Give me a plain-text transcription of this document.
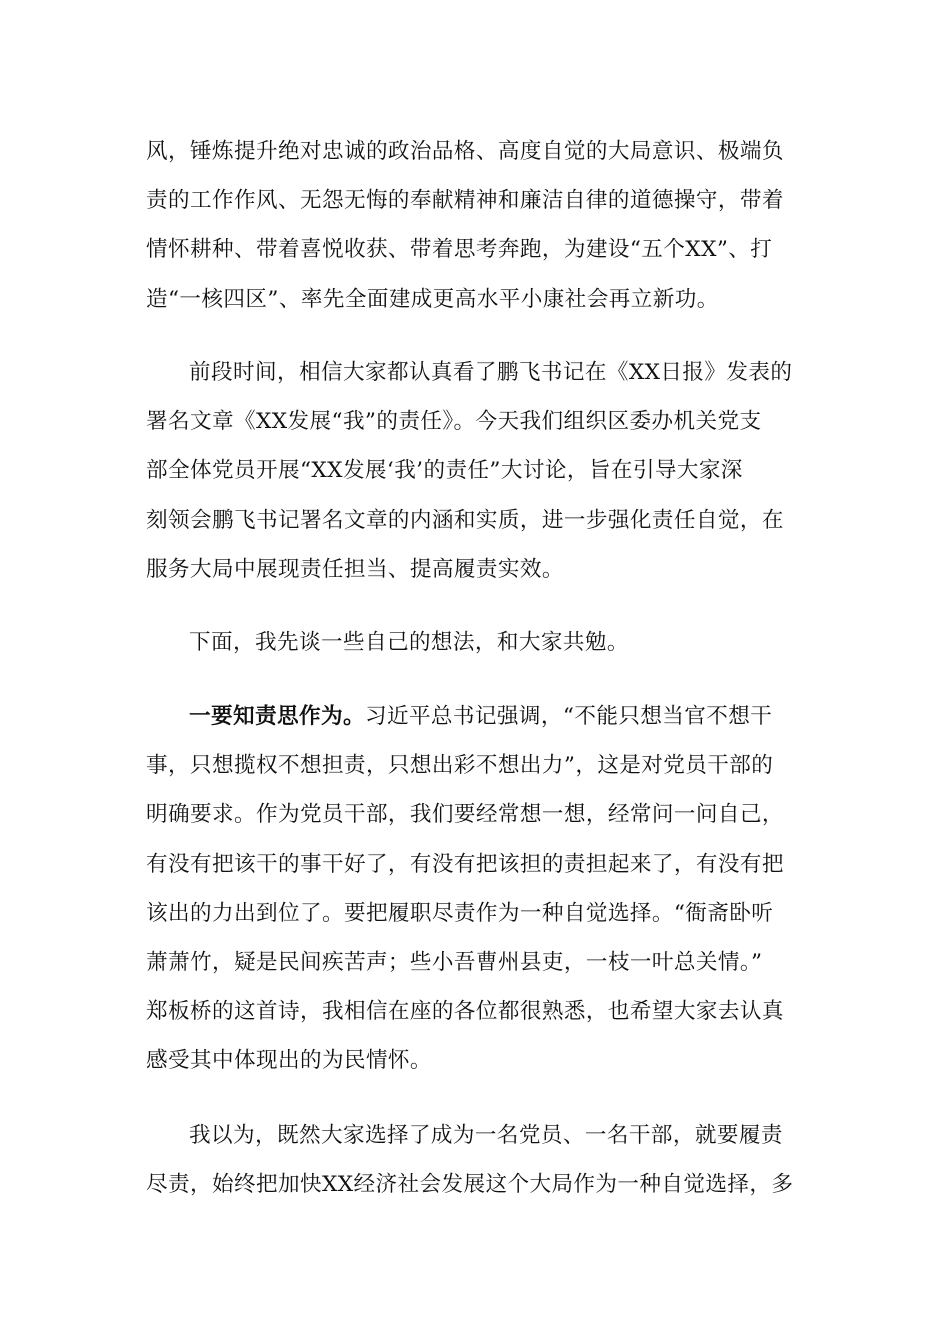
风，锤炼提升绝对忠诚的政治品格、高度自觉的大局意识、极端负
责的工作作风、无怨无悔的奉献精神和廉洁自律的道德操守，带着
情怀耕种、带着喜悦收获、带着思考奔跑，为建设“五个XX”、打
造“一核四区”、率先全面建成更高水平小康社会再立新功。

前段时间，相信大家都认真看了鹏飞书记在《XX日报》发表的
署名文章《XX发展“我”的责任》。今天我们组织区委办机关党支
部全体党员开展“XX发展‘我’的责任”大讨论，旨在引导大家深
刻领会鹏飞书记署名文章的内涵和实质，进一步强化责任自觉，在
服务大局中展现责任担当、提高履责实效。

下面，我先谈一些自己的想法，和大家共勉。

一要知责思作为。习近平总书记强调，“不能只想当官不想干
事，只想揽权不想担责，只想出彩不想出力”，这是对党员干部的
明确要求。作为党员干部，我们要经常想一想，经常问一问自己，
有没有把该干的事干好了，有没有把该担的责担起来了，有没有把
该出的力出到位了。要把履职尽责作为一种自觉选择。“衙斋卧听
萧萧竹，疑是民间疾苦声；些小吾曹州县吏，一枝一叶总关情。”
郑板桥的这首诗，我相信在座的各位都很熟悉，也希望大家去认真
感受其中体现出的为民情怀。

我以为，既然大家选择了成为一名党员、一名干部，就要履责
尽责，始终把加快XX经济社会发展这个大局作为一种自觉选择，多
